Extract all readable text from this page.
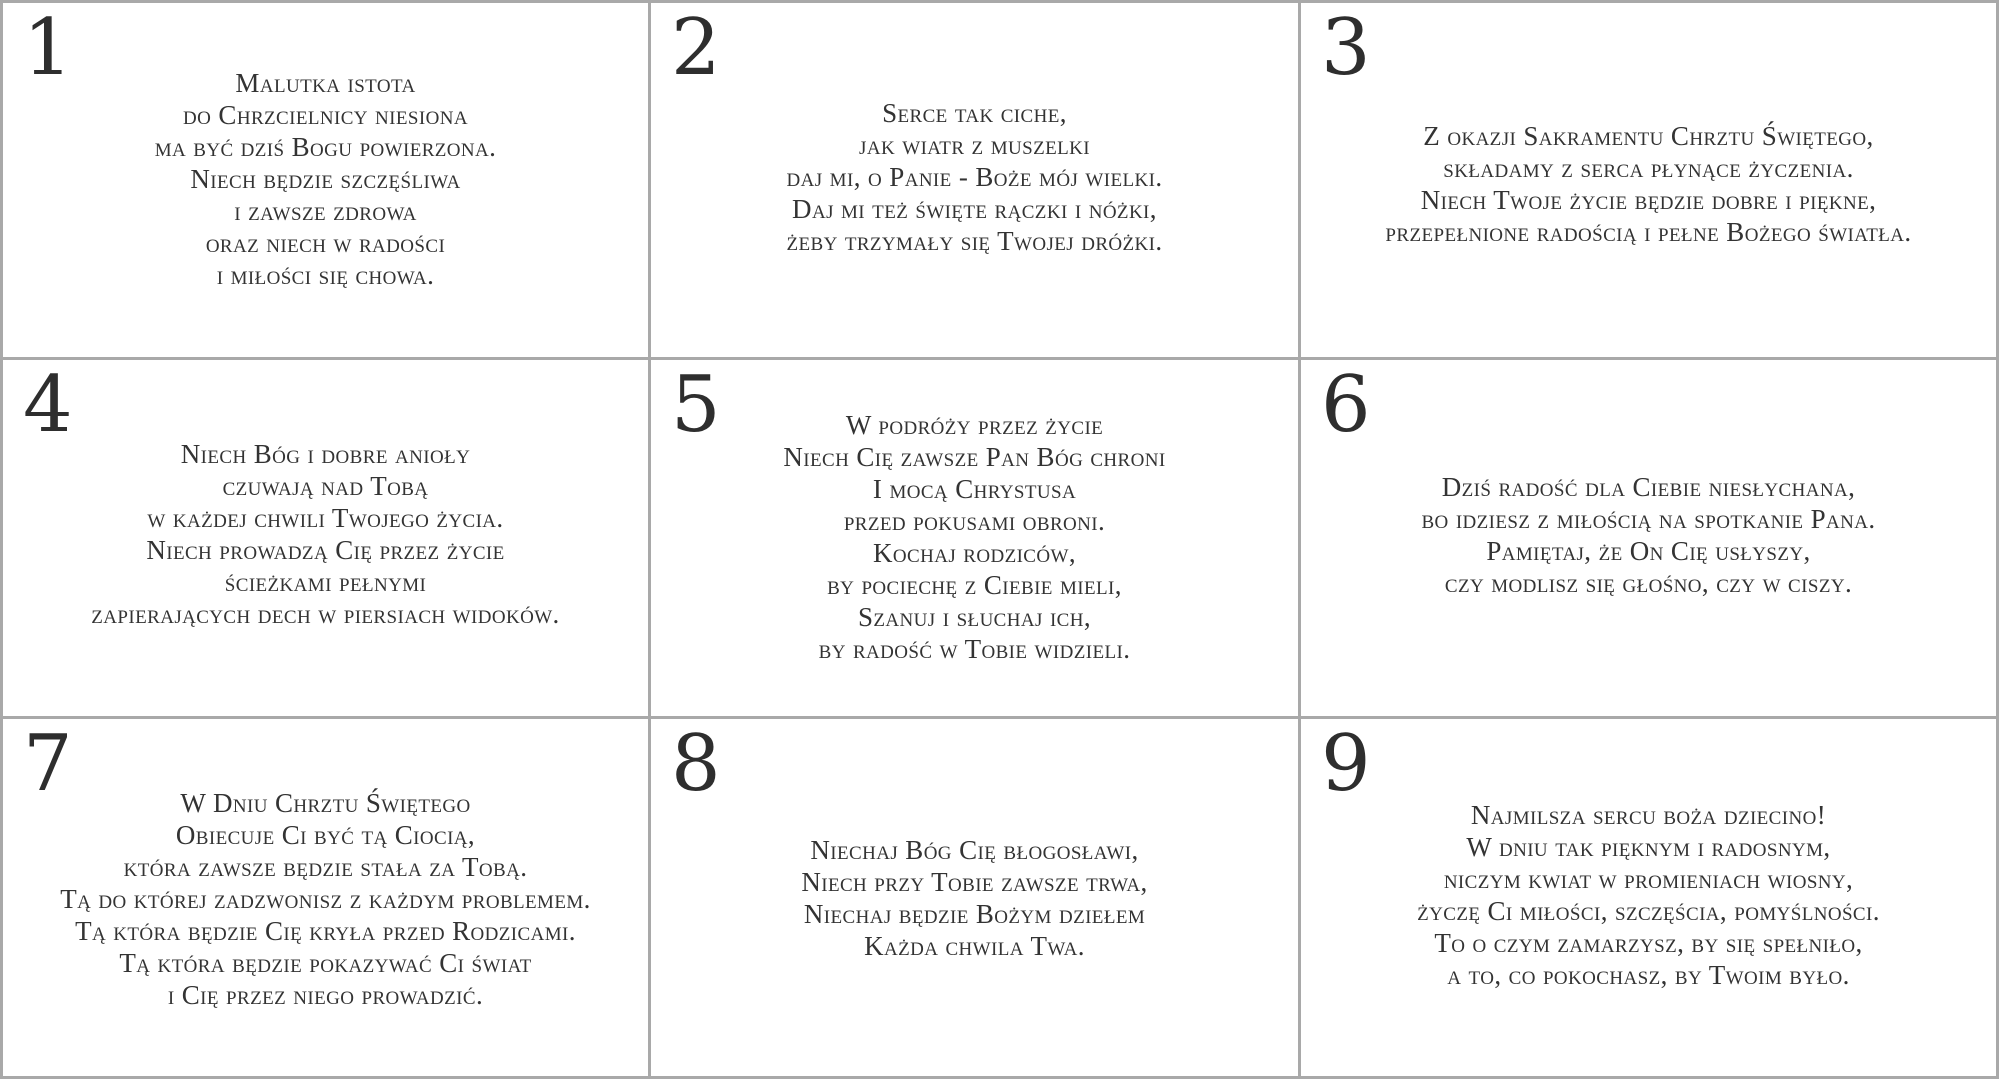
1	Malutka istota
do Chrzcielnicy niesiona
ma być dziś Bogu powierzona.
Niech będzie szczęśliwa
i zawsze zdrowa
oraz niech w radości
i miłości się chowa.
2
Serce tak ciche,
jak wiatr z muszelki
daj mi, o Panie - Boże mój wielki.
Daj mi też święte rączki i nóżki,
żeby trzymały się Twojej dróżki.
3
Z okazji Sakramentu Chrztu Świętego,
składamy z serca płynące życzenia.
Niech Twoje życie będzie dobre i piękne,
przepełnione radością i pełne Bożego światła.
4
Niech Bóg i dobre anioły
czuwają nad Tobą
w każdej chwili Twojego życia.
Niech prowadzą Cię przez życie
ścieżkami pełnymi
zapierających dech w piersiach widoków.
5	W podróży przez życie
Niech Cię zawsze Pan Bóg chroni
I mocą Chrystusa
przed pokusami obroni.
Kochaj rodziców,
by pociechę z Ciebie mieli,
Szanuj i słuchaj ich,
by radość w Tobie widzieli.
6
Dziś radość dla Ciebie niesłychana,
bo idziesz z miłością na spotkanie Pana.
Pamiętaj, że On Cię usłyszy,
czy modlisz się głośno, czy w ciszy.
7	W Dniu Chrztu Świętego
Obiecuje Ci być tą Ciocią,
która zawsze będzie stała za Tobą.
Tą do której zadzwonisz z każdym problemem.
Tą która będzie Cię kryła przed Rodzicami.
Tą która będzie pokazywać Ci świat
i Cię przez niego prowadzić.
8
Niechaj Bóg Cię błogosławi,
Niech przy Tobie zawsze trwa,
Niechaj będzie Bożym dziełem
Każda chwila Twa.
9
Najmilsza sercu boża dziecino!
W dniu tak pięknym i radosnym,
niczym kwiat w promieniach wiosny,
życzę Ci miłości, szczęścia, pomyślności.
To o czym zamarzysz, by się spełniło,
a to, co pokochasz, by Twoim było.
